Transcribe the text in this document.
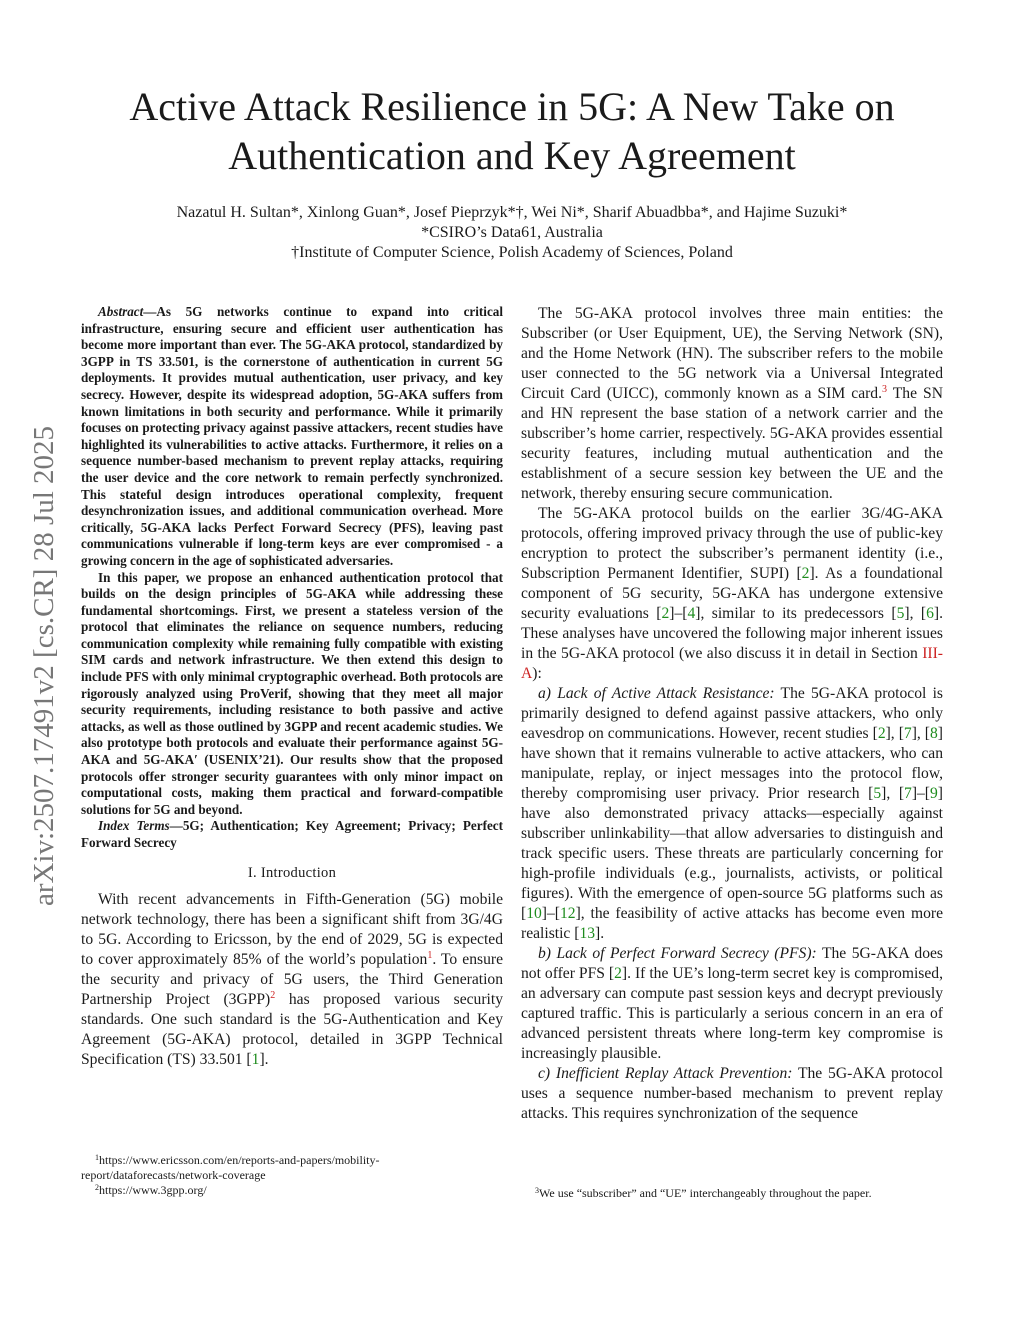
arXiv:2507.17491v2 [cs.CR] 28 Jul 2025
Active Attack Resilience in 5G: A New Take on
Authentication and Key Agreement
Nazatul H. Sultan*, Xinlong Guan*, Josef Pieprzyk*†, Wei Ni*, Sharif Abuadbba*, and Hajime Suzuki*
*CSIRO’s Data61, Australia
†Institute of Computer Science, Polish Academy of Sciences, Poland

Abstract—As 5G networks continue to expand into critical infrastructure, ensuring secure and efficient user authentication has become more important than ever. The 5G-AKA protocol, standardized by 3GPP in TS 33.501, is the cornerstone of authentication in current 5G deployments. It provides mutual authentication, user privacy, and key secrecy. However, despite its widespread adoption, 5G-AKA suffers from known limitations in both security and performance. While it primarily focuses on protecting privacy against passive attackers, recent studies have highlighted its vulnerabilities to active attacks. Furthermore, it relies on a sequence number-based mechanism to prevent replay attacks, requiring the user device and the core network to remain perfectly synchronized. This stateful design introduces operational complexity, frequent desynchronization issues, and additional communication overhead. More critically, 5G-AKA lacks Perfect Forward Secrecy (PFS), leaving past communications vulnerable if long-term keys are ever compromised - a growing concern in the age of sophisticated adversaries.

In this paper, we propose an enhanced authentication protocol that builds on the design principles of 5G-AKA while addressing these fundamental shortcomings. First, we present a stateless version of the protocol that eliminates the reliance on sequence numbers, reducing communication complexity while remaining fully compatible with existing SIM cards and network infrastructure. We then extend this design to include PFS with only minimal cryptographic overhead. Both protocols are rigorously analyzed using ProVerif, showing that they meet all major security requirements, including resistance to both passive and active attacks, as well as those outlined by 3GPP and recent academic studies. We also prototype both protocols and evaluate their performance against 5G-AKA and 5G-AKA′ (USENIX’21). Our results show that the proposed protocols offer stronger security guarantees with only minor impact on computational costs, making them practical and forward-compatible solutions for 5G and beyond.

Index Terms—5G; Authentication; Key Agreement; Privacy; Perfect Forward Secrecy

I. Introduction

With recent advancements in Fifth-Generation (5G) mobile network technology, there has been a significant shift from 3G/4G to 5G. According to Ericsson, by the end of 2029, 5G is expected to cover approximately 85% of the world’s population$^1$. To ensure the security and privacy of 5G users, the Third Generation Partnership Project (3GPP)$^2$ has proposed various security standards. One such standard is the 5G-Authentication and Key Agreement (5G-AKA) protocol, detailed in 3GPP Technical Specification (TS) 33.501 [1].

$^1$https://www.ericsson.com/en/reports-and-papers/mobility-report/dataforecasts/network-coverage

$^2$https://www.3gpp.org/

The 5G-AKA protocol involves three main entities: the Subscriber (or User Equipment, UE), the Serving Network (SN), and the Home Network (HN). The subscriber refers to the mobile user connected to the 5G network via a Universal Integrated Circuit Card (UICC), commonly known as a SIM card.$^3$ The SN and HN represent the base station of a network carrier and the subscriber’s home carrier, respectively. 5G-AKA provides essential security features, including mutual authentication and the establishment of a secure session key between the UE and the network, thereby ensuring secure communication.

The 5G-AKA protocol builds on the earlier 3G/4G-AKA protocols, offering improved privacy through the use of public-key encryption to protect the subscriber’s permanent identity (i.e., Subscription Permanent Identifier, SUPI) [2]. As a foundational component of 5G security, 5G-AKA has undergone extensive security evaluations [2]–[4], similar to its predecessors [5], [6]. These analyses have uncovered the following major inherent issues in the 5G-AKA protocol (we also discuss it in detail in Section III-A):

a) Lack of Active Attack Resistance: The 5G-AKA protocol is primarily designed to defend against passive attackers, who only eavesdrop on communications. However, recent studies [2], [7], [8] have shown that it remains vulnerable to active attackers, who can manipulate, replay, or inject messages into the protocol flow, thereby compromising user privacy. Prior research [5], [7]–[9] have also demonstrated privacy attacks—especially against subscriber unlinkability—that allow adversaries to distinguish and track specific users. These threats are particularly concerning for high-profile individuals (e.g., journalists, activists, or political figures). With the emergence of open-source 5G platforms such as [10]–[12], the feasibility of active attacks has become even more realistic [13].

b) Lack of Perfect Forward Secrecy (PFS): The 5G-AKA does not offer PFS [2]. If the UE’s long-term secret key is compromised, an adversary can compute past session keys and decrypt previously captured traffic. This is particularly a serious concern in an era of advanced persistent threats where long-term key compromise is increasingly plausible.

c) Inefficient Replay Attack Prevention: The 5G-AKA protocol uses a sequence number-based mechanism to prevent replay attacks. This requires synchronization of the sequence

$^3$We use “subscriber” and “UE” interchangeably throughout the paper.
